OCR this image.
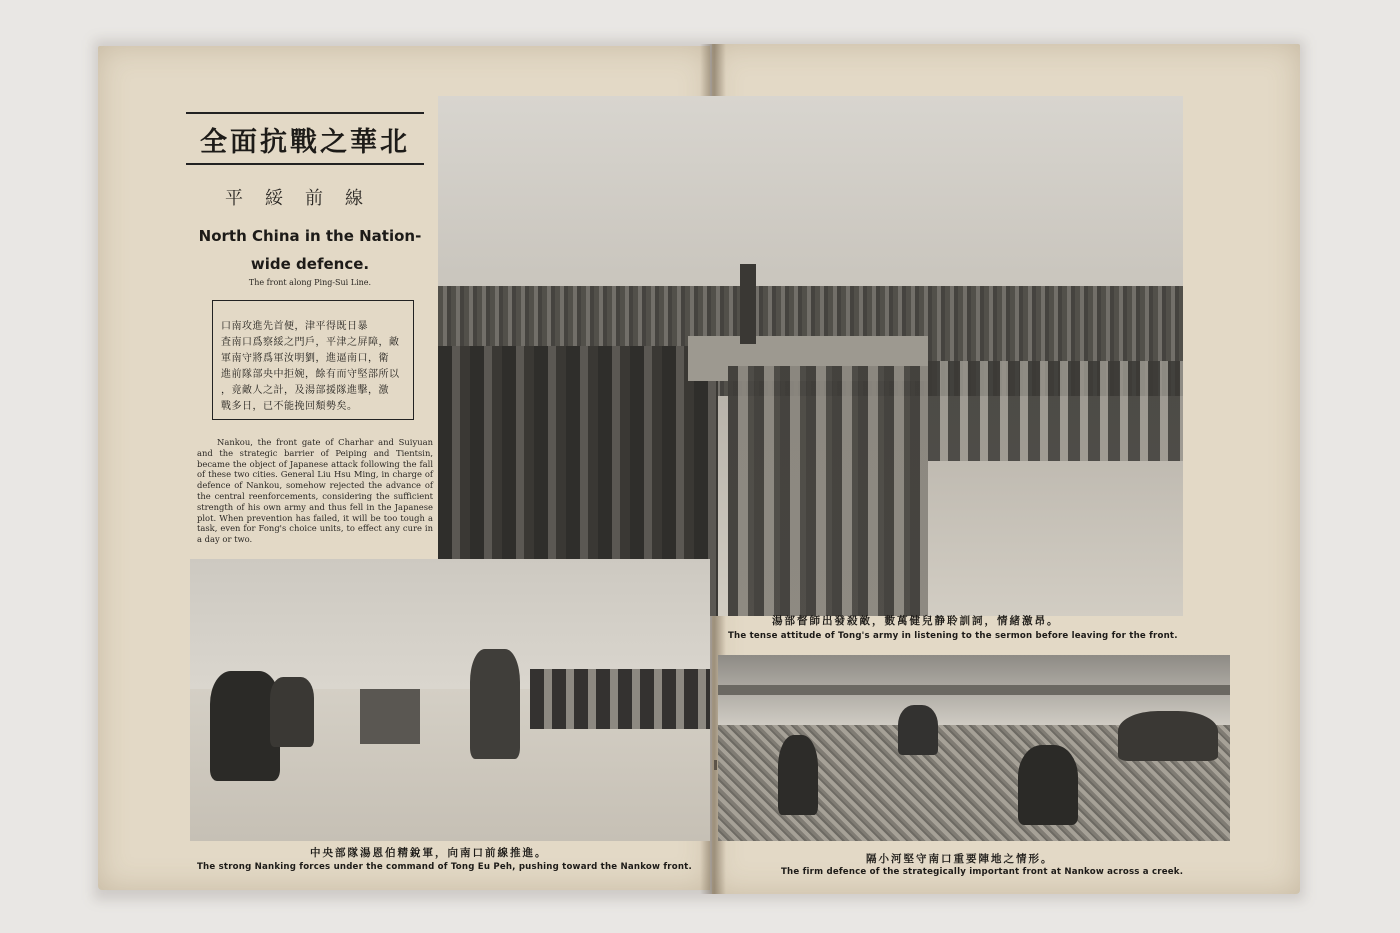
全面抗戰之華北
平綏前線
North China in the Nation-
wide defence.
The front along Ping-Sui Line.
口南攻進先首便，津平得既日暴
査南口爲察綏之門戶，平津之屏障，敵
軍南守將爲軍汝明劉，進逼南口，衛
進前隊部央中拒婉，餘有而守堅部所以
，竟敵人之計，及湯部援隊進擊，激
戰多日，已不能挽回頽勢矣。

Nankou, the front gate of Charhar and Suiyuan and the strategic barrier of Peiping and Tientsin, became the object of Japanese attack following the fall of these two cities. General Liu Hsu Ming, in charge of defence of Nankou, somehow rejected the advance of the central reenforcements, considering the sufficient strength of his own army and thus fell in the Japanese plot. When prevention has failed, it will be too tough a task, even for Fong's choice units, to effect any cure in a day or two.

中央部隊湯恩伯精銳軍，向南口前線推進。
The strong Nanking forces under the command of Tong Eu Peh, pushing toward the Nankow front.
湯部督師出發殺敵，數萬健兒静聆訓詞，情緒激昂。
The tense attitude of Tong's army in listening to the sermon before leaving for the front.
隔小河堅守南口重要陣地之情形。
The firm defence of the strategically important front at Nankow across a creek.
